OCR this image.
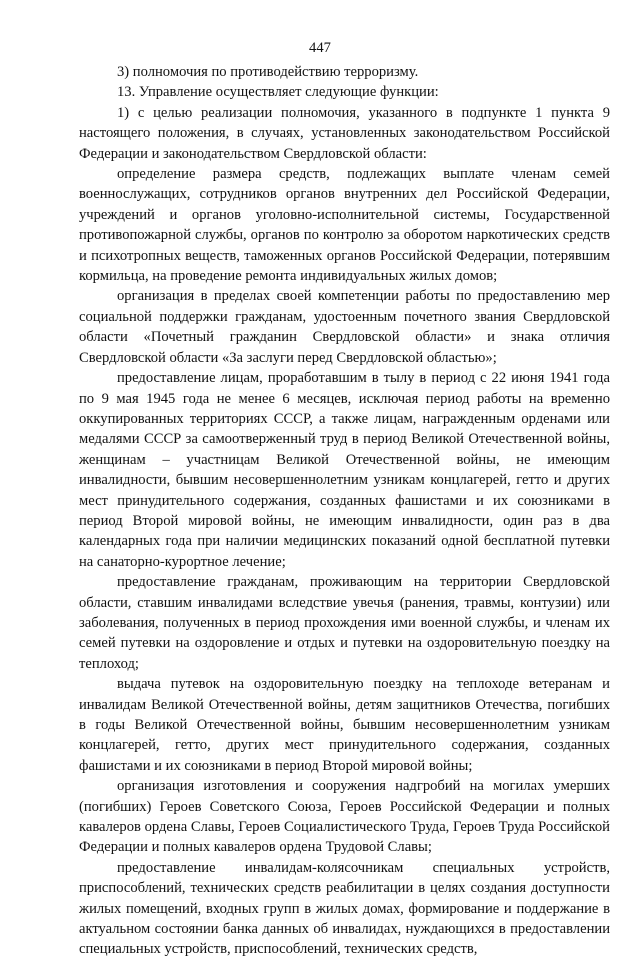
447

3) полномочия по противодействию терроризму.

13. Управление осуществляет следующие функции:

1) с целью реализации полномочия, указанного в подпункте 1 пункта 9 настоящего положения, в случаях, установленных законодательством Российской Федерации и законодательством Свердловской области:

определение размера средств, подлежащих выплате членам семей военнослужащих, сотрудников органов внутренних дел Российской Федерации, учреждений и органов уголовно-исполнительной системы, Государственной противопожарной службы, органов по контролю за оборотом наркотических средств и психотропных веществ, таможенных органов Российской Федерации, потерявшим кормильца, на проведение ремонта индивидуальных жилых домов;

организация в пределах своей компетенции работы по предоставлению мер социальной поддержки гражданам, удостоенным почетного звания Свердловской области «Почетный гражданин Свердловской области» и знака отличия Свердловской области «За заслуги перед Свердловской областью»;

предоставление лицам, проработавшим в тылу в период с 22 июня 1941 года по 9 мая 1945 года не менее 6 месяцев, исключая период работы на временно оккупированных территориях СССР, а также лицам, награжденным орденами или медалями СССР за самоотверженный труд в период Великой Отечественной войны, женщинам – участницам Великой Отечественной войны, не имеющим инвалидности, бывшим несовершеннолетним узникам концлагерей, гетто и других мест принудительного содержания, созданных фашистами и их союзниками в период Второй мировой войны, не имеющим инвалидности, один раз в два календарных года при наличии медицинских показаний одной бесплатной путевки на санаторно-курортное лечение;

предоставление гражданам, проживающим на территории Свердловской области, ставшим инвалидами вследствие увечья (ранения, травмы, контузии) или заболевания, полученных в период прохождения ими военной службы, и членам их семей путевки на оздоровление и отдых и путевки на оздоровительную поездку на теплоход;

выдача путевок на оздоровительную поездку на теплоходе ветеранам и инвалидам Великой Отечественной войны, детям защитников Отечества, погибших в годы Великой Отечественной войны, бывшим несовершеннолетним узникам концлагерей, гетто, других мест принудительного содержания, созданных фашистами и их союзниками в период Второй мировой войны;

организация изготовления и сооружения надгробий на могилах умерших (погибших) Героев Советского Союза, Героев Российской Федерации и полных кавалеров ордена Славы, Героев Социалистического Труда, Героев Труда Российской Федерации и полных кавалеров ордена Трудовой Славы;

предоставление инвалидам-колясочникам специальных устройств, приспособлений, технических средств реабилитации в целях создания доступности жилых помещений, входных групп в жилых домах, формирование и поддержание в актуальном состоянии банка данных об инвалидах, нуждающихся в предоставлении специальных устройств, приспособлений, технических средств,
